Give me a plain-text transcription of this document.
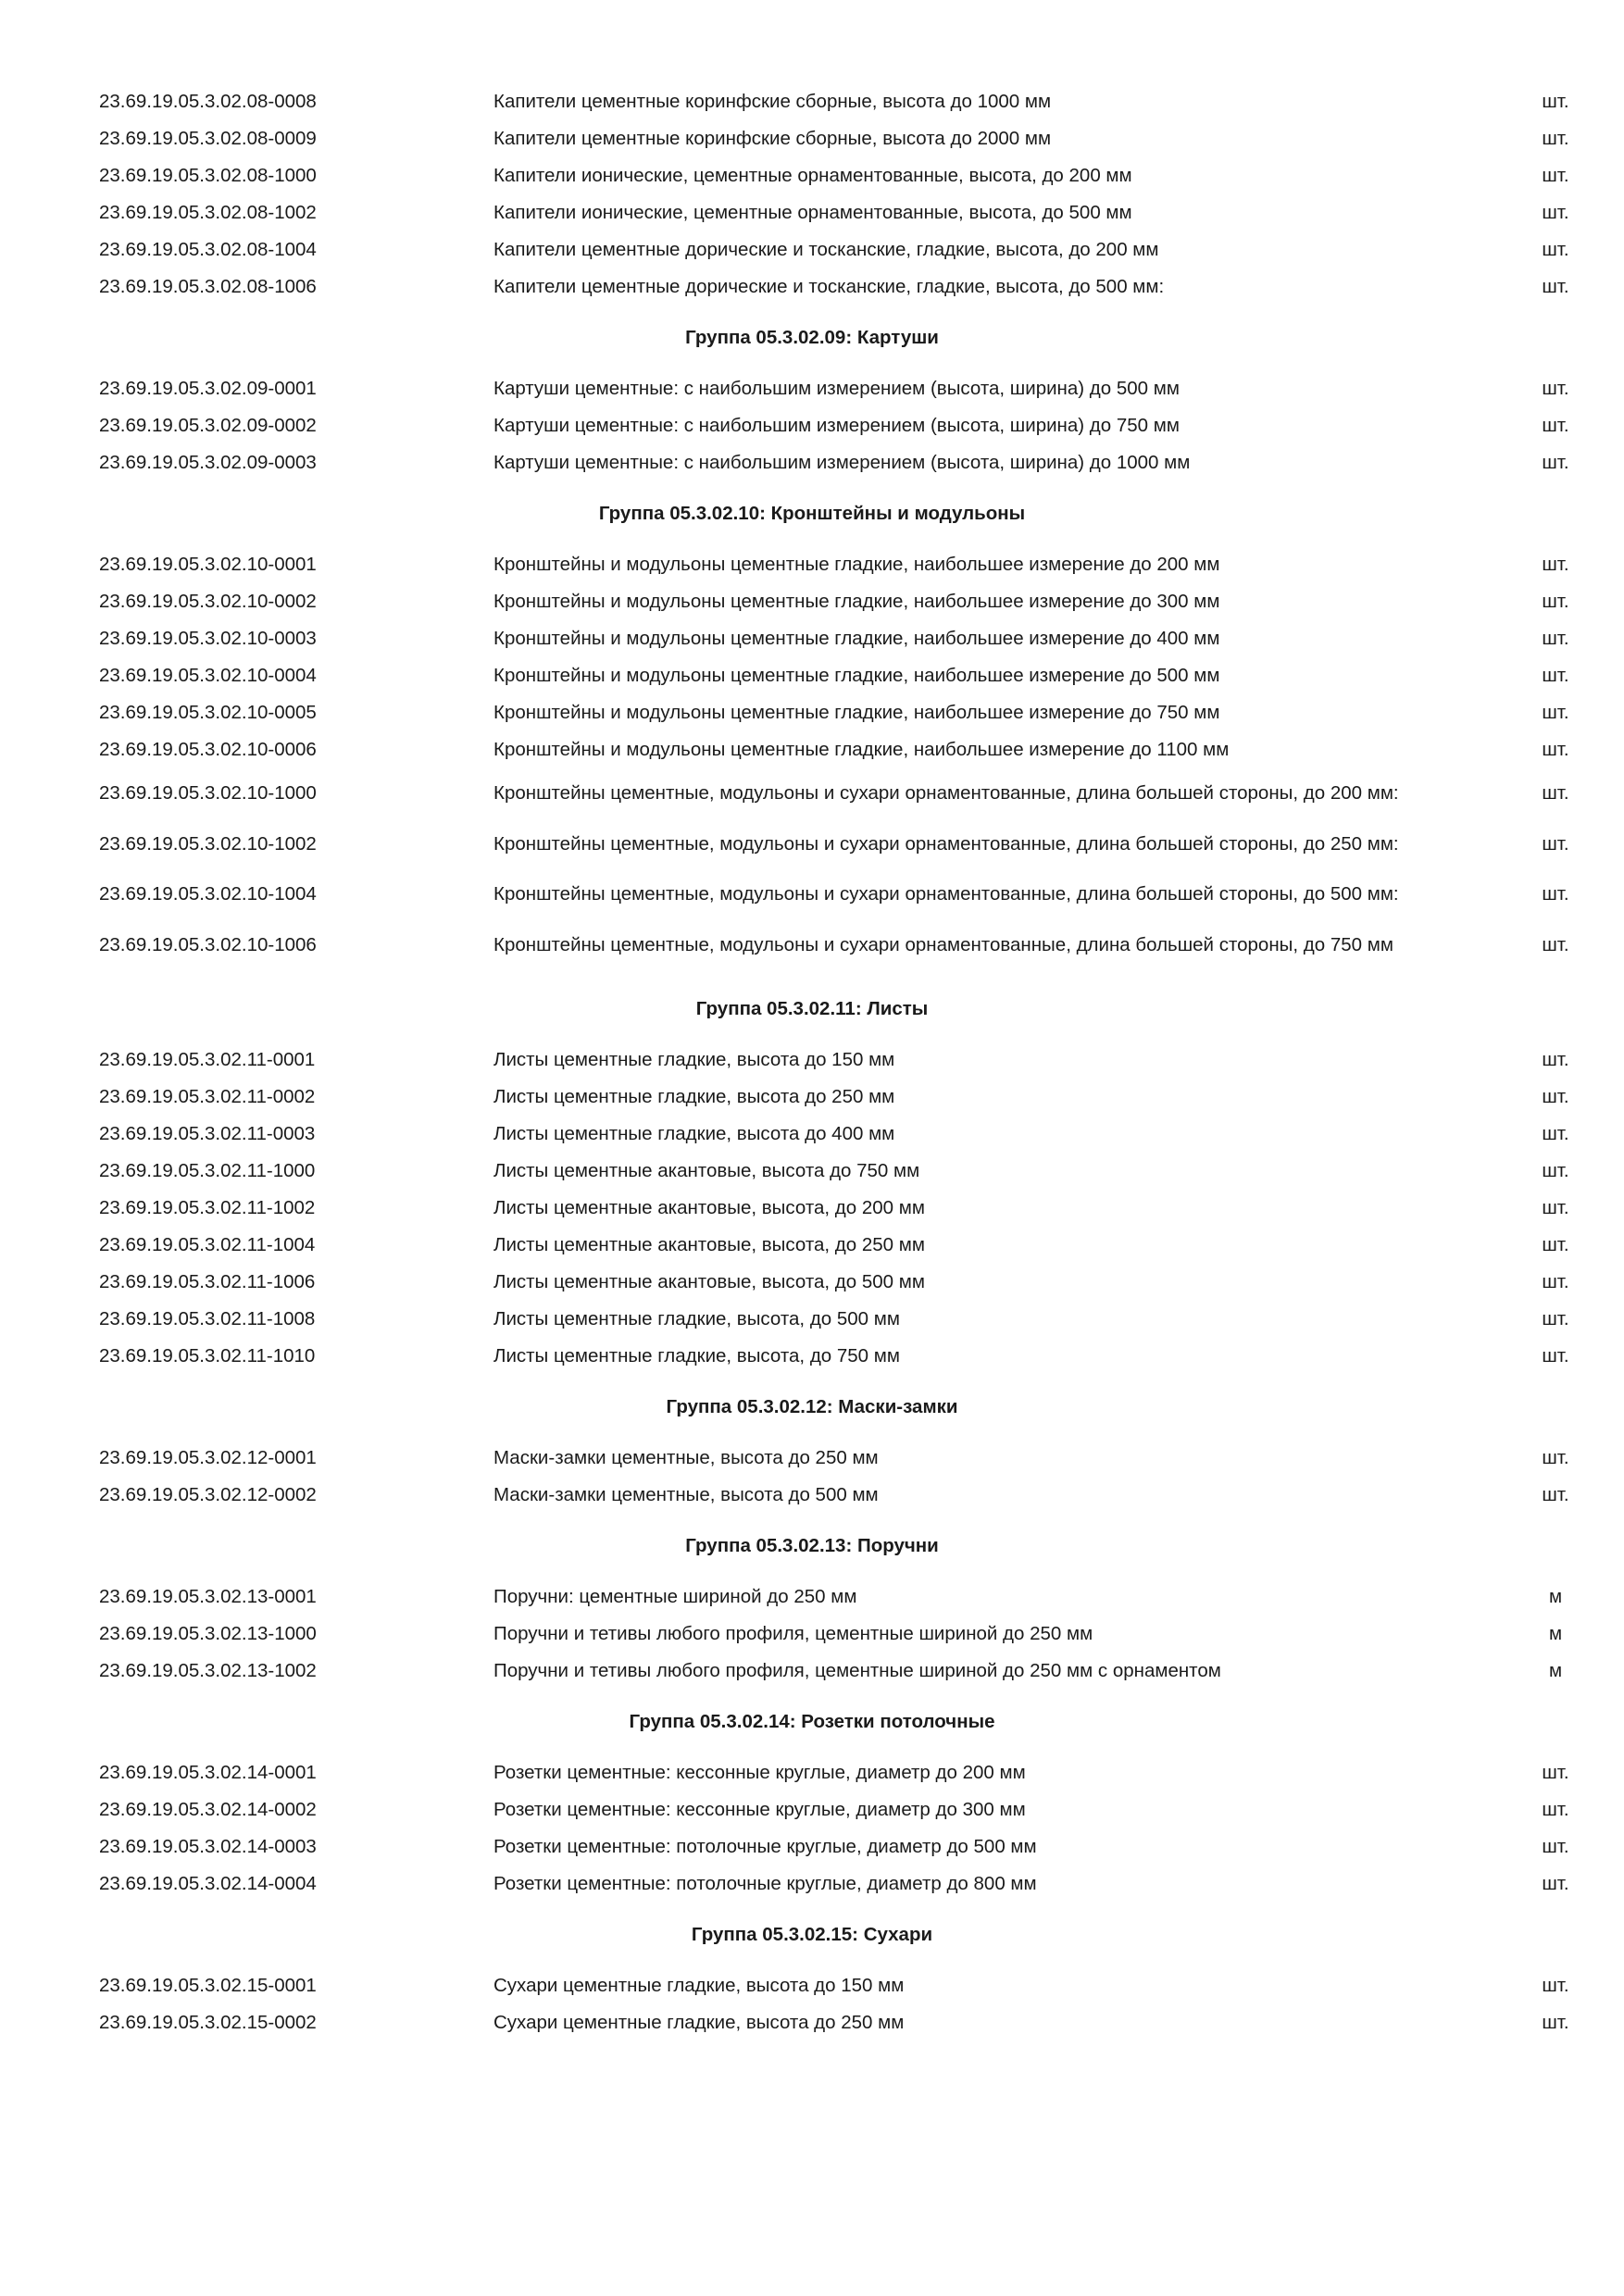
23.69.19.05.3.02.08-0008	Капители цементные коринфские сборные, высота до 1000 мм	шт.
23.69.19.05.3.02.08-0009	Капители цементные коринфские сборные, высота до 2000 мм	шт.
23.69.19.05.3.02.08-1000	Капители ионические, цементные орнаментованные, высота, до 200 мм	шт.
23.69.19.05.3.02.08-1002	Капители ионические, цементные орнаментованные, высота, до 500 мм	шт.
23.69.19.05.3.02.08-1004	Капители цементные дорические и тосканские, гладкие, высота, до 200 мм	шт.
23.69.19.05.3.02.08-1006	Капители цементные дорические и тосканские, гладкие, высота, до 500 мм:	шт.
Группа 05.3.02.09: Картуши
23.69.19.05.3.02.09-0001	Картуши цементные: с наибольшим измерением (высота, ширина) до 500 мм	шт.
23.69.19.05.3.02.09-0002	Картуши цементные: с наибольшим измерением (высота, ширина) до 750 мм	шт.
23.69.19.05.3.02.09-0003	Картуши цементные: с наибольшим измерением (высота, ширина) до 1000 мм	шт.
Группа 05.3.02.10: Кронштейны и модульоны
23.69.19.05.3.02.10-0001	Кронштейны и модульоны цементные гладкие, наибольшее измерение до 200 мм	шт.
23.69.19.05.3.02.10-0002	Кронштейны и модульоны цементные гладкие, наибольшее измерение до 300 мм	шт.
23.69.19.05.3.02.10-0003	Кронштейны и модульоны цементные гладкие, наибольшее измерение до 400 мм	шт.
23.69.19.05.3.02.10-0004	Кронштейны и модульоны цементные гладкие, наибольшее измерение до 500 мм	шт.
23.69.19.05.3.02.10-0005	Кронштейны и модульоны цементные гладкие, наибольшее измерение до 750 мм	шт.
23.69.19.05.3.02.10-0006	Кронштейны и модульоны цементные гладкие, наибольшее измерение до 1100 мм	шт.
23.69.19.05.3.02.10-1000	Кронштейны цементные, модульоны и сухари орнаментованные, длина большей стороны, до 200 мм:	шт.
23.69.19.05.3.02.10-1002	Кронштейны цементные, модульоны и сухари орнаментованные, длина большей стороны, до 250 мм:	шт.
23.69.19.05.3.02.10-1004	Кронштейны цементные, модульоны и сухари орнаментованные, длина большей стороны, до 500 мм:	шт.
23.69.19.05.3.02.10-1006	Кронштейны цементные, модульоны и сухари орнаментованные, длина большей стороны, до 750 мм	шт.
Группа 05.3.02.11: Листы
23.69.19.05.3.02.11-0001	Листы цементные гладкие, высота до 150 мм	шт.
23.69.19.05.3.02.11-0002	Листы цементные гладкие, высота до 250 мм	шт.
23.69.19.05.3.02.11-0003	Листы цементные гладкие, высота до 400 мм	шт.
23.69.19.05.3.02.11-1000	Листы цементные акантовые, высота до 750 мм	шт.
23.69.19.05.3.02.11-1002	Листы цементные акантовые, высота, до 200 мм	шт.
23.69.19.05.3.02.11-1004	Листы цементные акантовые, высота, до 250 мм	шт.
23.69.19.05.3.02.11-1006	Листы цементные акантовые, высота, до 500 мм	шт.
23.69.19.05.3.02.11-1008	Листы цементные гладкие, высота, до 500 мм	шт.
23.69.19.05.3.02.11-1010	Листы цементные гладкие, высота, до 750 мм	шт.
Группа 05.3.02.12: Маски-замки
23.69.19.05.3.02.12-0001	Маски-замки цементные, высота до 250 мм	шт.
23.69.19.05.3.02.12-0002	Маски-замки цементные, высота до 500 мм	шт.
Группа 05.3.02.13: Поручни
23.69.19.05.3.02.13-0001	Поручни: цементные шириной до 250 мм	м
23.69.19.05.3.02.13-1000	Поручни и тетивы любого профиля, цементные шириной до 250 мм	м
23.69.19.05.3.02.13-1002	Поручни и тетивы любого профиля, цементные шириной до 250 мм с орнаментом	м
Группа 05.3.02.14: Розетки потолочные
23.69.19.05.3.02.14-0001	Розетки цементные: кессонные круглые, диаметр до 200 мм	шт.
23.69.19.05.3.02.14-0002	Розетки цементные: кессонные круглые, диаметр до 300 мм	шт.
23.69.19.05.3.02.14-0003	Розетки цементные: потолочные круглые, диаметр до 500 мм	шт.
23.69.19.05.3.02.14-0004	Розетки цементные: потолочные круглые, диаметр до 800 мм	шт.
Группа 05.3.02.15: Сухари
23.69.19.05.3.02.15-0001	Сухари цементные гладкие, высота до 150 мм	шт.
23.69.19.05.3.02.15-0002	Сухари цементные гладкие, высота до 250 мм	шт.
